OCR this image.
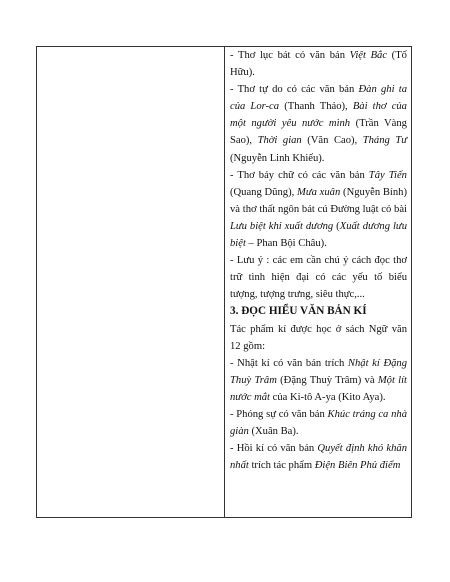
- Thơ lục bát có văn bản Việt Bắc (Tố Hữu).

- Thơ tự do có các văn bản Đàn ghi ta của Lor-ca (Thanh Thảo), Bài thơ của một người yêu nước mình (Trần Vàng Sao), Thời gian (Văn Cao), Tháng Tư (Nguyễn Linh Khiếu).

- Thơ bảy chữ có các văn bản Tây Tiến (Quang Dũng), Mưa xuân (Nguyễn Bính) và thơ thất ngôn bát cú Đường luật có bài Lưu biệt khi xuất dương (Xuất dương lưu biệt – Phan Bội Châu).

- Lưu ý : các em cần chú ý cách đọc thơ trữ tình hiện đại có các yếu tố biểu tượng, tượng trưng, siêu thực,...

3. ĐỌC HIỂU VĂN BẢN KÍ

Tác phẩm kí được học ở sách Ngữ văn 12 gồm:

- Nhật kí có văn bản trích Nhật kí Đặng Thuỳ Trâm (Đặng Thuỳ Trâm) và Một lít nước mắt của Ki-tô A-ya (Kito Aya).

- Phóng sự có văn bản Khúc tráng ca nhà giàn (Xuân Ba).

- Hồi kí có văn bản Quyết định khó khăn nhất trích tác phẩm Điện Biên Phủ điểm
